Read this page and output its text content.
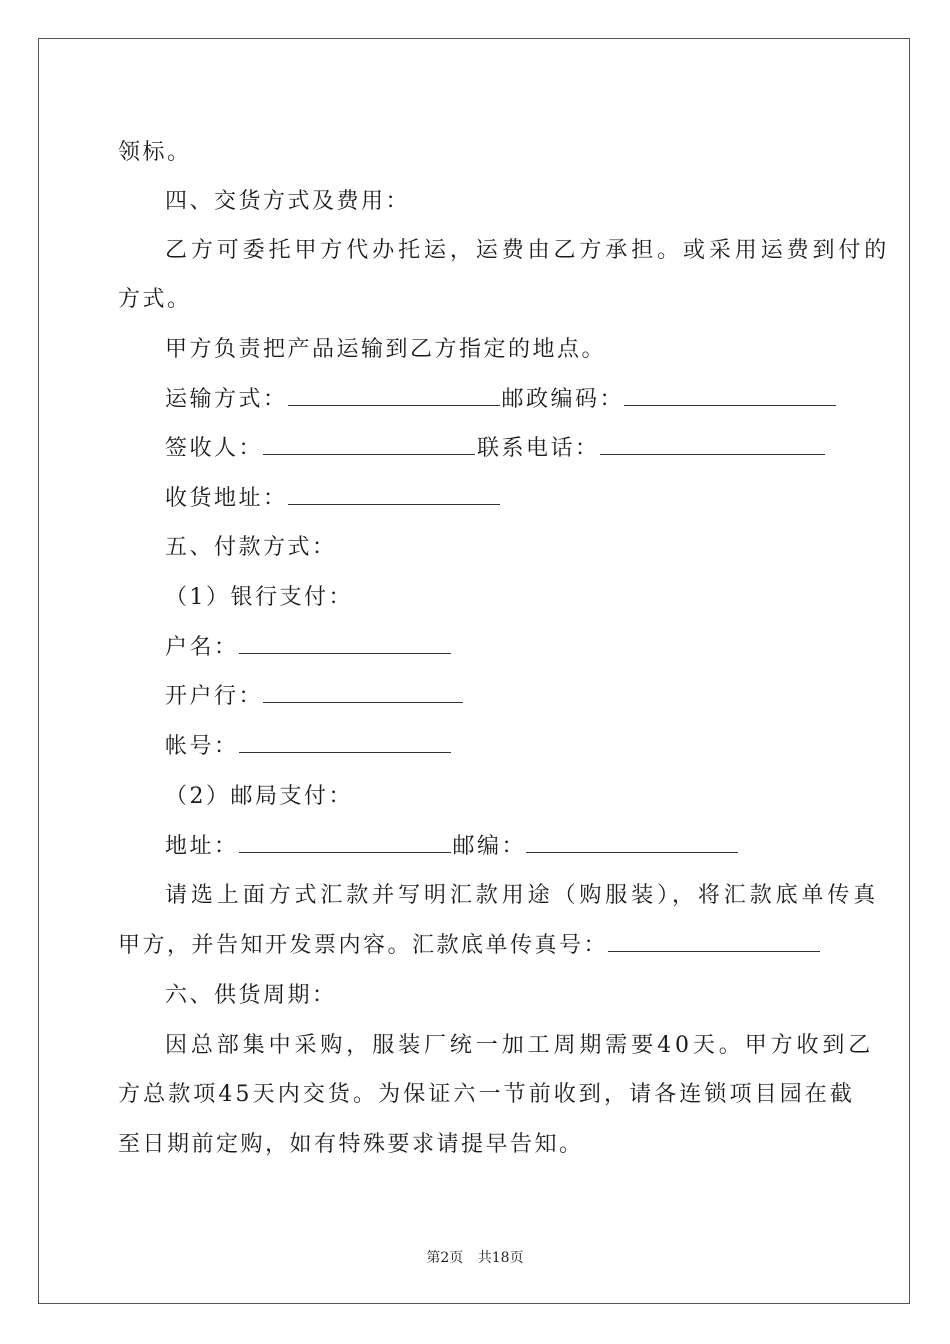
领标。
四、交货方式及费用：
乙方可委托甲方代办托运，运费由乙方承担。或采用运费到付的
方式。
甲方负责把产品运输到乙方指定的地点。
运输方式：	邮政编码：
签收人：	联系电话：
收货地址：
五、付款方式：
（1）银行支付：
户名：
开户行：
帐号：
（2）邮局支付：
地址：	邮编：
请选上面方式汇款并写明汇款用途（购服装），将汇款底单传真
甲方，并告知开发票内容。汇款底单传真号：
六、供货周期：
因总部集中采购，服装厂统一加工周期需要40天。甲方收到乙
方总款项45天内交货。为保证六一节前收到，请各连锁项目园在截
至日期前定购，如有特殊要求请提早告知。
第2页 共18页
